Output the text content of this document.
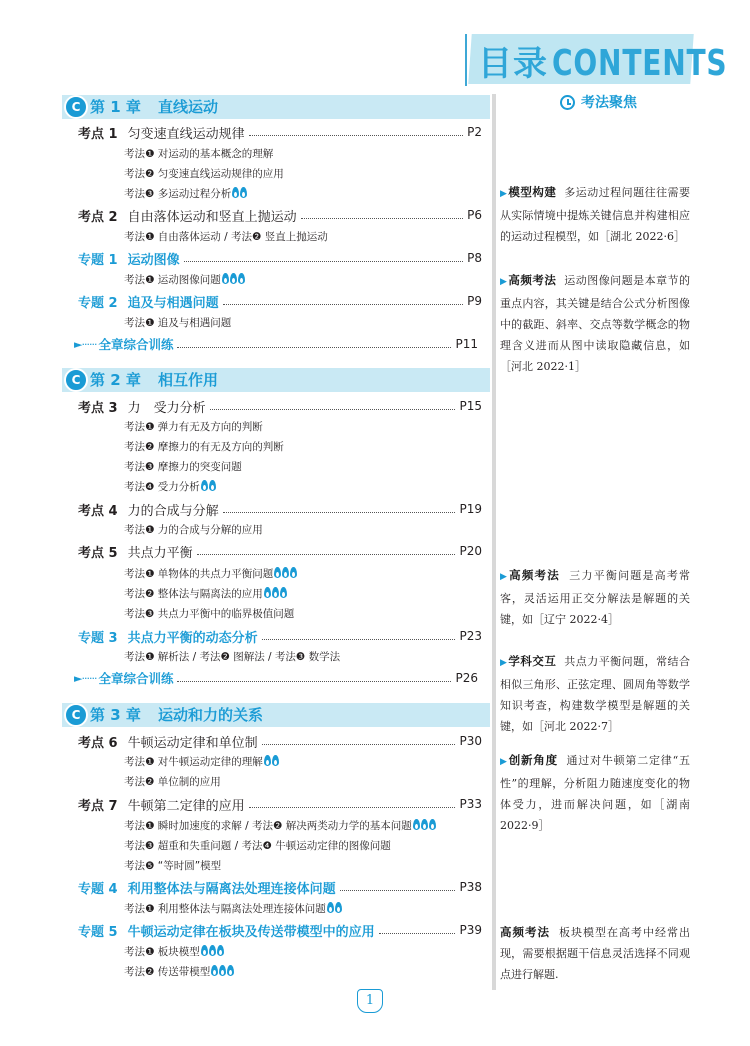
目录 CONTENTS
考法聚焦
▶模型构建 多运动过程问题往往需要从实际情境中提炼关键信息并构建相应的运动过程模型，如［湖北 2022·6］
▶高频考法 运动图像问题是本章节的重点内容，其关键是结合公式分析图像中的截距、斜率、交点等数学概念的物理含义进而从图中读取隐藏信息，如［河北 2022·1］
▶高频考法 三力平衡问题是高考常客，灵活运用正交分解法是解题的关键，如［辽宁 2022·4］
▶学科交互 共点力平衡问题，常结合相似三角形、正弦定理、圆周角等数学知识考查，构建数学模型是解题的关键，如［河北 2022·7］
▶创新角度 通过对牛顿第二定律“五性”的理解，分析阻力随速度变化的物体受力，进而解决问题，如［湖南 2022·9］
高频考法 板块模型在高考中经常出现，需要根据题干信息灵活选择不同观点进行解题.
C 第 1 章 直线运动
考点 1 匀变速直线运动规律	P2
考法❶ 对运动的基本概念的理解
考法❷ 匀变速直线运动规律的应用
考法❸ 多运动过程分析
考点 2 自由落体运动和竖直上抛运动	P6
考法❶ 自由落体运动 / 考法❷ 竖直上抛运动
专题 1 运动图像	P8
考法❶ 运动图像问题
专题 2 追及与相遇问题	P9
考法❶ 追及与相遇问题
►······ 全章综合训练	P11
C 第 2 章 相互作用
考点 3 力　受力分析	P15
考法❶ 弹力有无及方向的判断
考法❷ 摩擦力的有无及方向的判断
考法❸ 摩擦力的突变问题
考法❹ 受力分析
考点 4 力的合成与分解	P19
考法❶ 力的合成与分解的应用
考点 5 共点力平衡	P20
考法❶ 单物体的共点力平衡问题
考法❷ 整体法与隔离法的应用
考法❸ 共点力平衡中的临界极值问题
专题 3 共点力平衡的动态分析	P23
考法❶ 解析法 / 考法❷ 图解法 / 考法❸ 数学法
►······ 全章综合训练	P26
C 第 3 章 运动和力的关系
考点 6 牛顿运动定律和单位制	P30
考法❶ 对牛顿运动定律的理解
考法❷ 单位制的应用
考点 7 牛顿第二定律的应用	P33
考法❶ 瞬时加速度的求解 / 考法❷ 解决两类动力学的基本问题
考法❸ 超重和失重问题 / 考法❹ 牛顿运动定律的图像问题
考法❺ “等时圆”模型
专题 4 利用整体法与隔离法处理连接体问题	P38
考法❶ 利用整体法与隔离法处理连接体问题
专题 5 牛顿运动定律在板块及传送带模型中的应用	P39
考法❶ 板块模型
考法❷ 传送带模型
1
